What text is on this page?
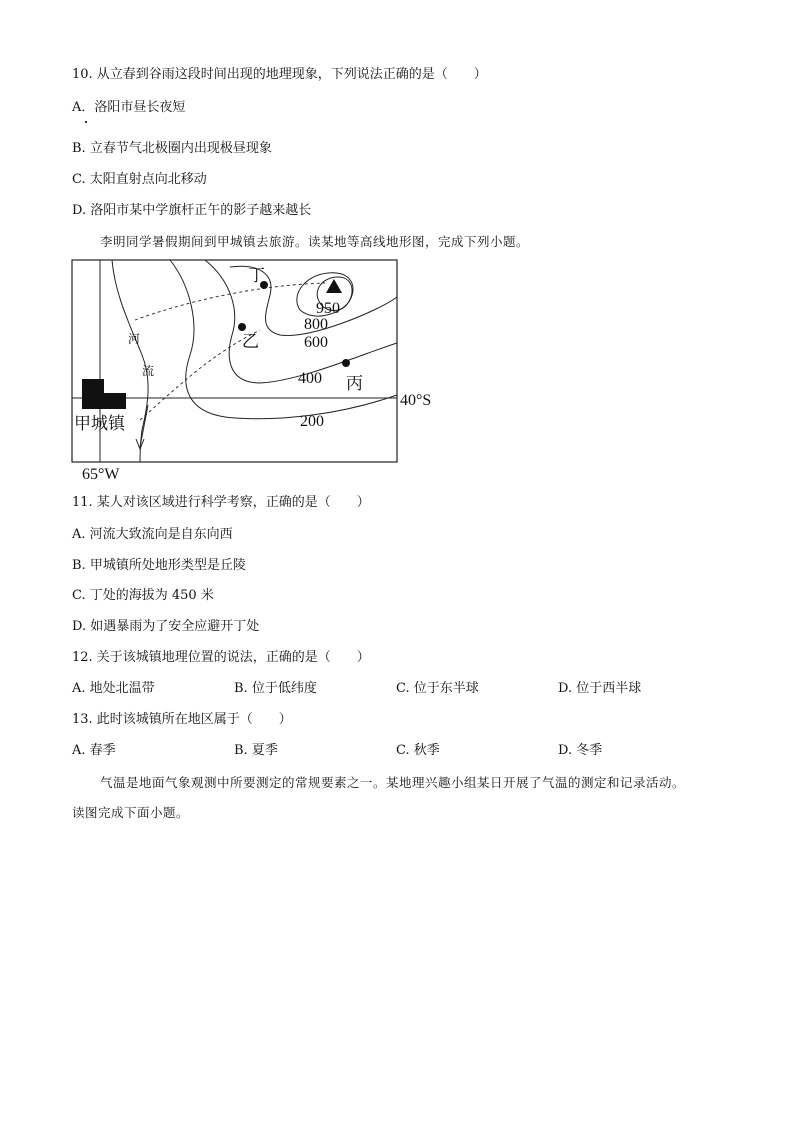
10. 从立春到谷雨这段时间出现的地理现象，下列说法正确的是（　　）
A．洛阳市昼长夜短
B. 立春节气北极圈内出现极昼现象
C. 太阳直射点向北移动
D. 洛阳市某中学旗杆正午的影子越来越长
李明同学暑假期间到甲城镇去旅游。读某地等高线地形图，完成下列小题。
丁
乙
丙
950
800
600
400
200
河
流
甲城镇
40°S
65°W
11. 某人对该区域进行科学考察，正确的是（　　）
A. 河流大致流向是自东向西
B. 甲城镇所处地形类型是丘陵
C. 丁处的海拔为 450 米
D. 如遇暴雨为了安全应避开丁处
12. 关于该城镇地理位置的说法，正确的是（　　）
A. 地处北温带	B. 位于低纬度	C. 位于东半球	D. 位于西半球
13. 此时该城镇所在地区属于（　　）
A. 春季	B. 夏季	C. 秋季	D. 冬季
气温是地面气象观测中所要测定的常规要素之一。某地理兴趣小组某日开展了气温的测定和记录活动。
读图完成下面小题。
